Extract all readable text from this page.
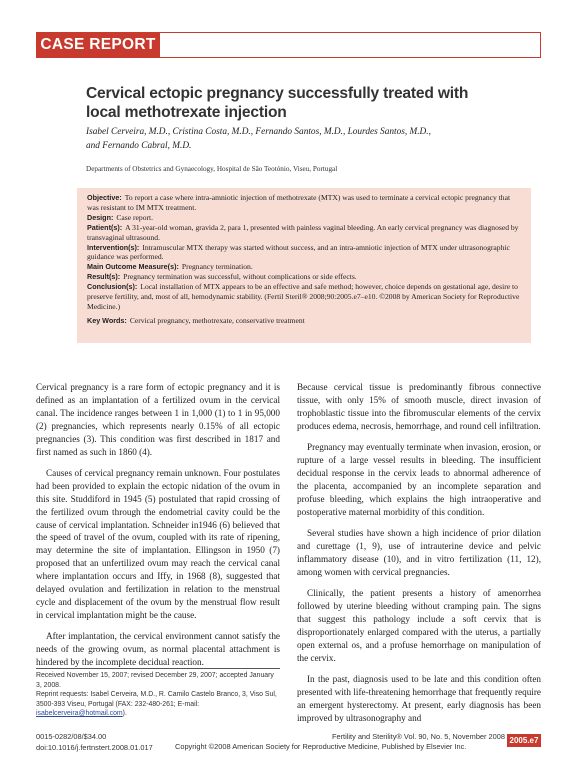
CASE REPORT
Cervical ectopic pregnancy successfully treated with
local methotrexate injection
Isabel Cerveira, M.D., Cristina Costa, M.D., Fernando Santos, M.D., Lourdes Santos, M.D.,
and Fernando Cabral, M.D.
Departments of Obstetrics and Gynaecology, Hospital de São Teotónio, Viseu, Portugal
Objective: To report a case where intra-amniotic injection of methotrexate (MTX) was used to terminate a cervical ectopic pregnancy that was resistant to IM MTX treatment.
Design: Case report.
Patient(s): A 31-year-old woman, gravida 2, para 1, presented with painless vaginal bleeding. An early cervical pregnancy was diagnosed by transvaginal ultrasound.
Intervention(s): Intramuscular MTX therapy was started without success, and an intra-amniotic injection of MTX under ultrasonographic guidance was performed.
Main Outcome Measure(s): Pregnancy termination.
Result(s): Pregnancy termination was successful, without complications or side effects.
Conclusion(s): Local installation of MTX appears to be an effective and safe method; however, choice depends on gestational age, desire to preserve fertility, and, most of all, hemodynamic stability. (Fertil Steril® 2008;90:2005.e7–e10. ©2008 by American Society for Reproductive Medicine.)
Key Words: Cervical pregnancy, methotrexate, conservative treatment

Cervical pregnancy is a rare form of ectopic pregnancy and it is defined as an implantation of a fertilized ovum in the cervical canal. The incidence ranges between 1 in 1,000 (1) to 1 in 95,000 (2) pregnancies, which represents nearly 0.15% of all ectopic pregnancies (3). This condition was first described in 1817 and first named as such in 1860 (4).

Causes of cervical pregnancy remain unknown. Four postulates had been provided to explain the ectopic nidation of the ovum in this site. Studdiford in 1945 (5) postulated that rapid crossing of the fertilized ovum through the endometrial cavity could be the cause of cervical implantation. Schneider in1946 (6) believed that the speed of travel of the ovum, coupled with its rate of ripening, may determine the site of implantation. Ellingson in 1950 (7) proposed that an unfertilized ovum may reach the cervical canal where implantation occurs and Iffy, in 1968 (8), suggested that delayed ovulation and fertilization in relation to the menstrual cycle and displacement of the ovum by the menstrual flow result in cervical implantation might be the cause.

After implantation, the cervical environment cannot satisfy the needs of the growing ovum, as normal placental attachment is hindered by the incomplete decidual reaction.

Because cervical tissue is predominantly fibrous connective tissue, with only 15% of smooth muscle, direct invasion of trophoblastic tissue into the fibromuscular elements of the cervix produces edema, necrosis, hemorrhage, and round cell infiltration.

Pregnancy may eventually terminate when invasion, erosion, or rupture of a large vessel results in bleeding. The insufficient decidual response in the cervix leads to abnormal adherence of the placenta, accompanied by an incomplete separation and profuse bleeding, which explains the high intraoperative and postoperative maternal morbidity of this condition.

Several studies have shown a high incidence of prior dilation and curettage (1, 9), use of intrauterine device and pelvic inflammatory disease (10), and in vitro fertilization (11, 12), among women with cervical pregnancies.

Clinically, the patient presents a history of amenorrhea followed by uterine bleeding without cramping pain. The signs that suggest this pathology include a soft cervix that is disproportionately enlarged compared with the uterus, a partially open external os, and a profuse hemorrhage on manipulation of the cervix.

In the past, diagnosis used to be late and this condition often presented with life-threatening hemorrhage that frequently require an emergent hysterectomy. At present, early diagnosis has been improved by ultrasonography and

Received November 15, 2007; revised December 29, 2007; accepted January 3, 2008.
Reprint requests: Isabel Cerveira, M.D., R. Camilo Castelo Branco, 3, Viso Sul, 3500-393 Viseu, Portugal (FAX: 232-480-261; E-mail: isabelcerveira@hotmail.com).
0015-0282/08/$34.00
doi:10.1016/j.fertnstert.2008.01.017
Fertility and Sterility® Vol. 90, No. 5, November 2008 2005.e7
Copyright ©2008 American Society for Reproductive Medicine, Published by Elsevier Inc.
